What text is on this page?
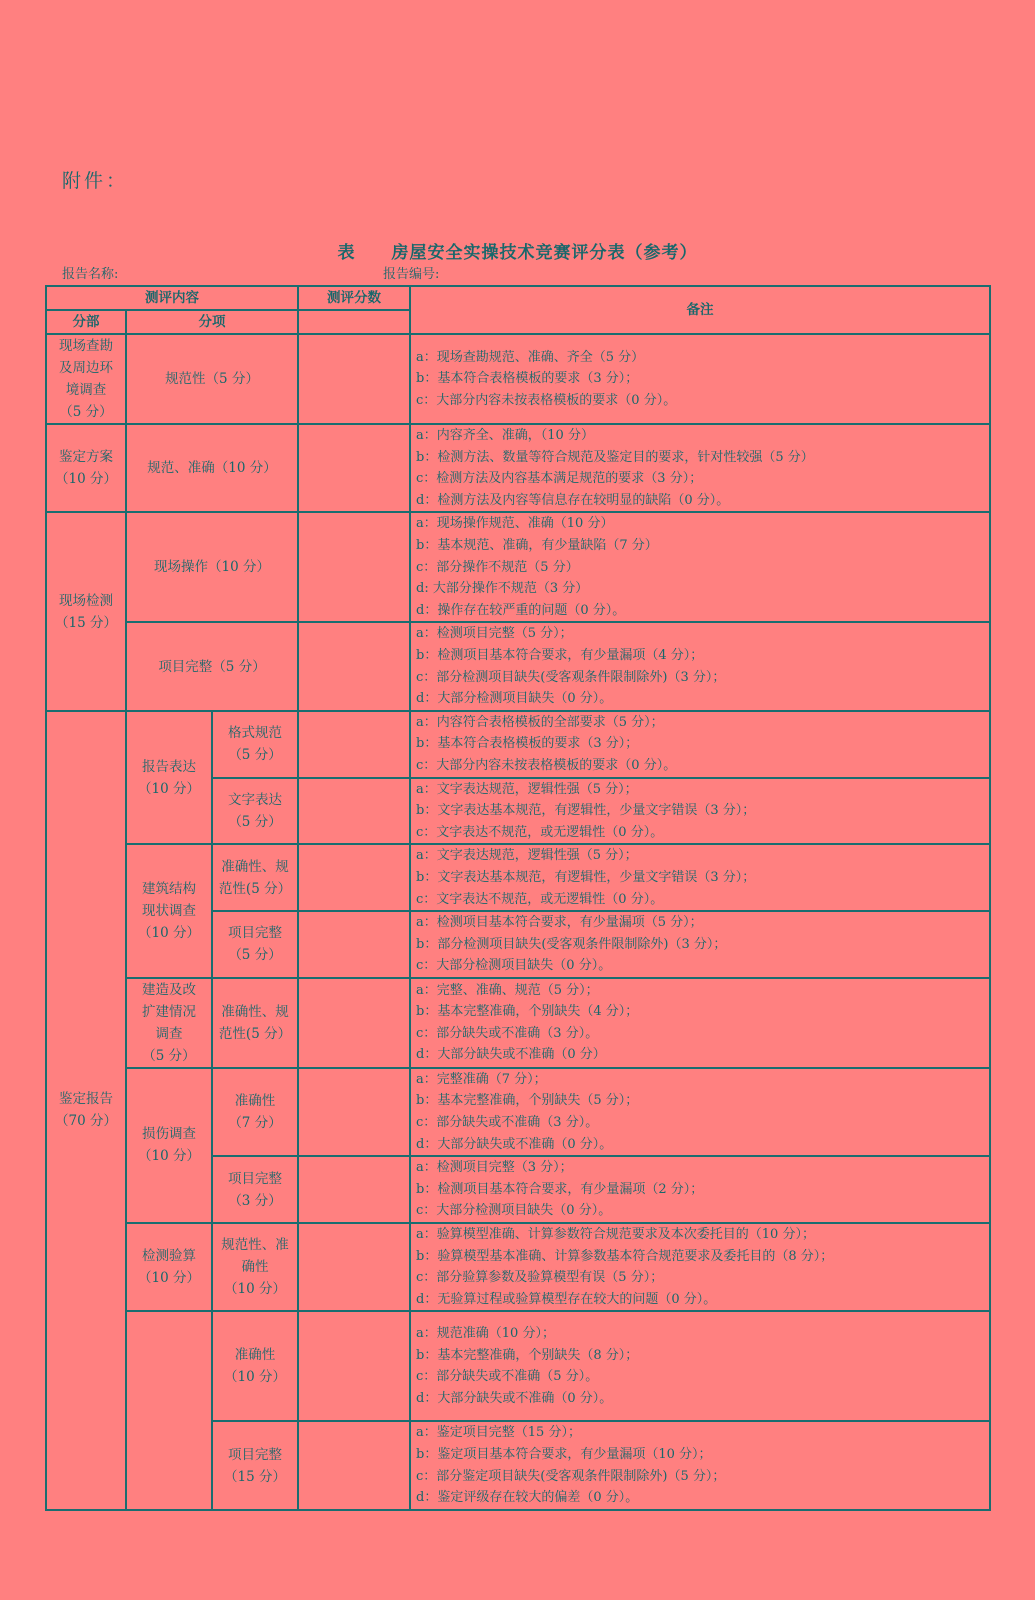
附件：
表　　房屋安全实操技术竞赛评分表（参考）
报告名称:	报告编号:
测评内容			测评分数	备注
分部	分项			

现场查勘
及周边环
境调查
（5 分）	规范性（5 分）			a：现场查勘规范、准确、齐全（5 分）
b：基本符合表格模板的要求（3 分）；
c：大部分内容未按表格模板的要求（0 分）。

鉴定方案
（10 分）	规范、准确（10 分）			a：内容齐全、准确，（10 分）
b：检测方法、数量等符合规范及鉴定目的要求，针对性较强（5 分）
c：检测方法及内容基本满足规范的要求（3 分）；
d：检测方法及内容等信息存在较明显的缺陷（0 分）。

现场检测
（15 分）	现场操作（10 分）			a：现场操作规范、准确（10 分）
b：基本规范、准确，有少量缺陷（7 分）
c：部分操作不规范（5 分）
d: 大部分操作不规范（3 分）
d：操作存在较严重的问题（0 分）。

	项目完整（5 分）			a：检测项目完整（5 分）；
b：检测项目基本符合要求，有少量漏项（4 分）；
c：部分检测项目缺失(受客观条件限制除外)（3 分）；
d：大部分检测项目缺失（0 分）。

鉴定报告
（70 分）	报告表达
（10 分）	格式规范
（5 分）		a：内容符合表格模板的全部要求（5 分）；
b：基本符合表格模板的要求（3 分）；
c：大部分内容未按表格模板的要求（0 分）。

		文字表达
（5 分）		a：文字表达规范，逻辑性强（5 分）；
b：文字表达基本规范，有逻辑性，少量文字错误（3 分）；
c：文字表达不规范，或无逻辑性（0 分）。

	建筑结构
现状调查
（10 分）	准确性、规
范性(5 分）		a：文字表达规范，逻辑性强（5 分）；
b：文字表达基本规范，有逻辑性，少量文字错误（3 分）；
c：文字表达不规范，或无逻辑性（0 分）。

		项目完整
（5 分）		a：检测项目基本符合要求，有少量漏项（5 分）；
b：部分检测项目缺失(受客观条件限制除外)（3 分）；
c：大部分检测项目缺失（0 分）。

	建造及改
扩建情况
调查
（5 分）	准确性、规
范性(5 分）		a：完整、准确、规范（5 分）；
b：基本完整准确，个别缺失（4 分）；
c：部分缺失或不准确（3 分）。
d：大部分缺失或不准确（0 分）

	损伤调查
（10 分）	准确性
（7 分）		a：完整准确（7 分）；
b：基本完整准确，个别缺失（5 分）；
c：部分缺失或不准确（3 分）。
d：大部分缺失或不准确（0 分）。

		项目完整
（3 分）		a：检测项目完整（3 分）；
b：检测项目基本符合要求，有少量漏项（2 分）；
c：大部分检测项目缺失（0 分）。

	检测验算
（10 分）	规范性、准
确性
（10 分）		a：验算模型准确、计算参数符合规范要求及本次委托目的（10 分）；
b：验算模型基本准确、计算参数基本符合规范要求及委托目的（8 分）；
c：部分验算参数及验算模型有误（5 分）；
d：无验算过程或验算模型存在较大的问题（0 分）。

		准确性
（10 分）		a：规范准确（10 分）；
b：基本完整准确，个别缺失（8 分）；
c：部分缺失或不准确（5 分）。
d：大部分缺失或不准确（0 分）。

		项目完整
（15 分）		a：鉴定项目完整（15 分）；
b：鉴定项目基本符合要求，有少量漏项（10 分）；
c：部分鉴定项目缺失(受客观条件限制除外)（5 分）；
d：鉴定评级存在较大的偏差（0 分）。
